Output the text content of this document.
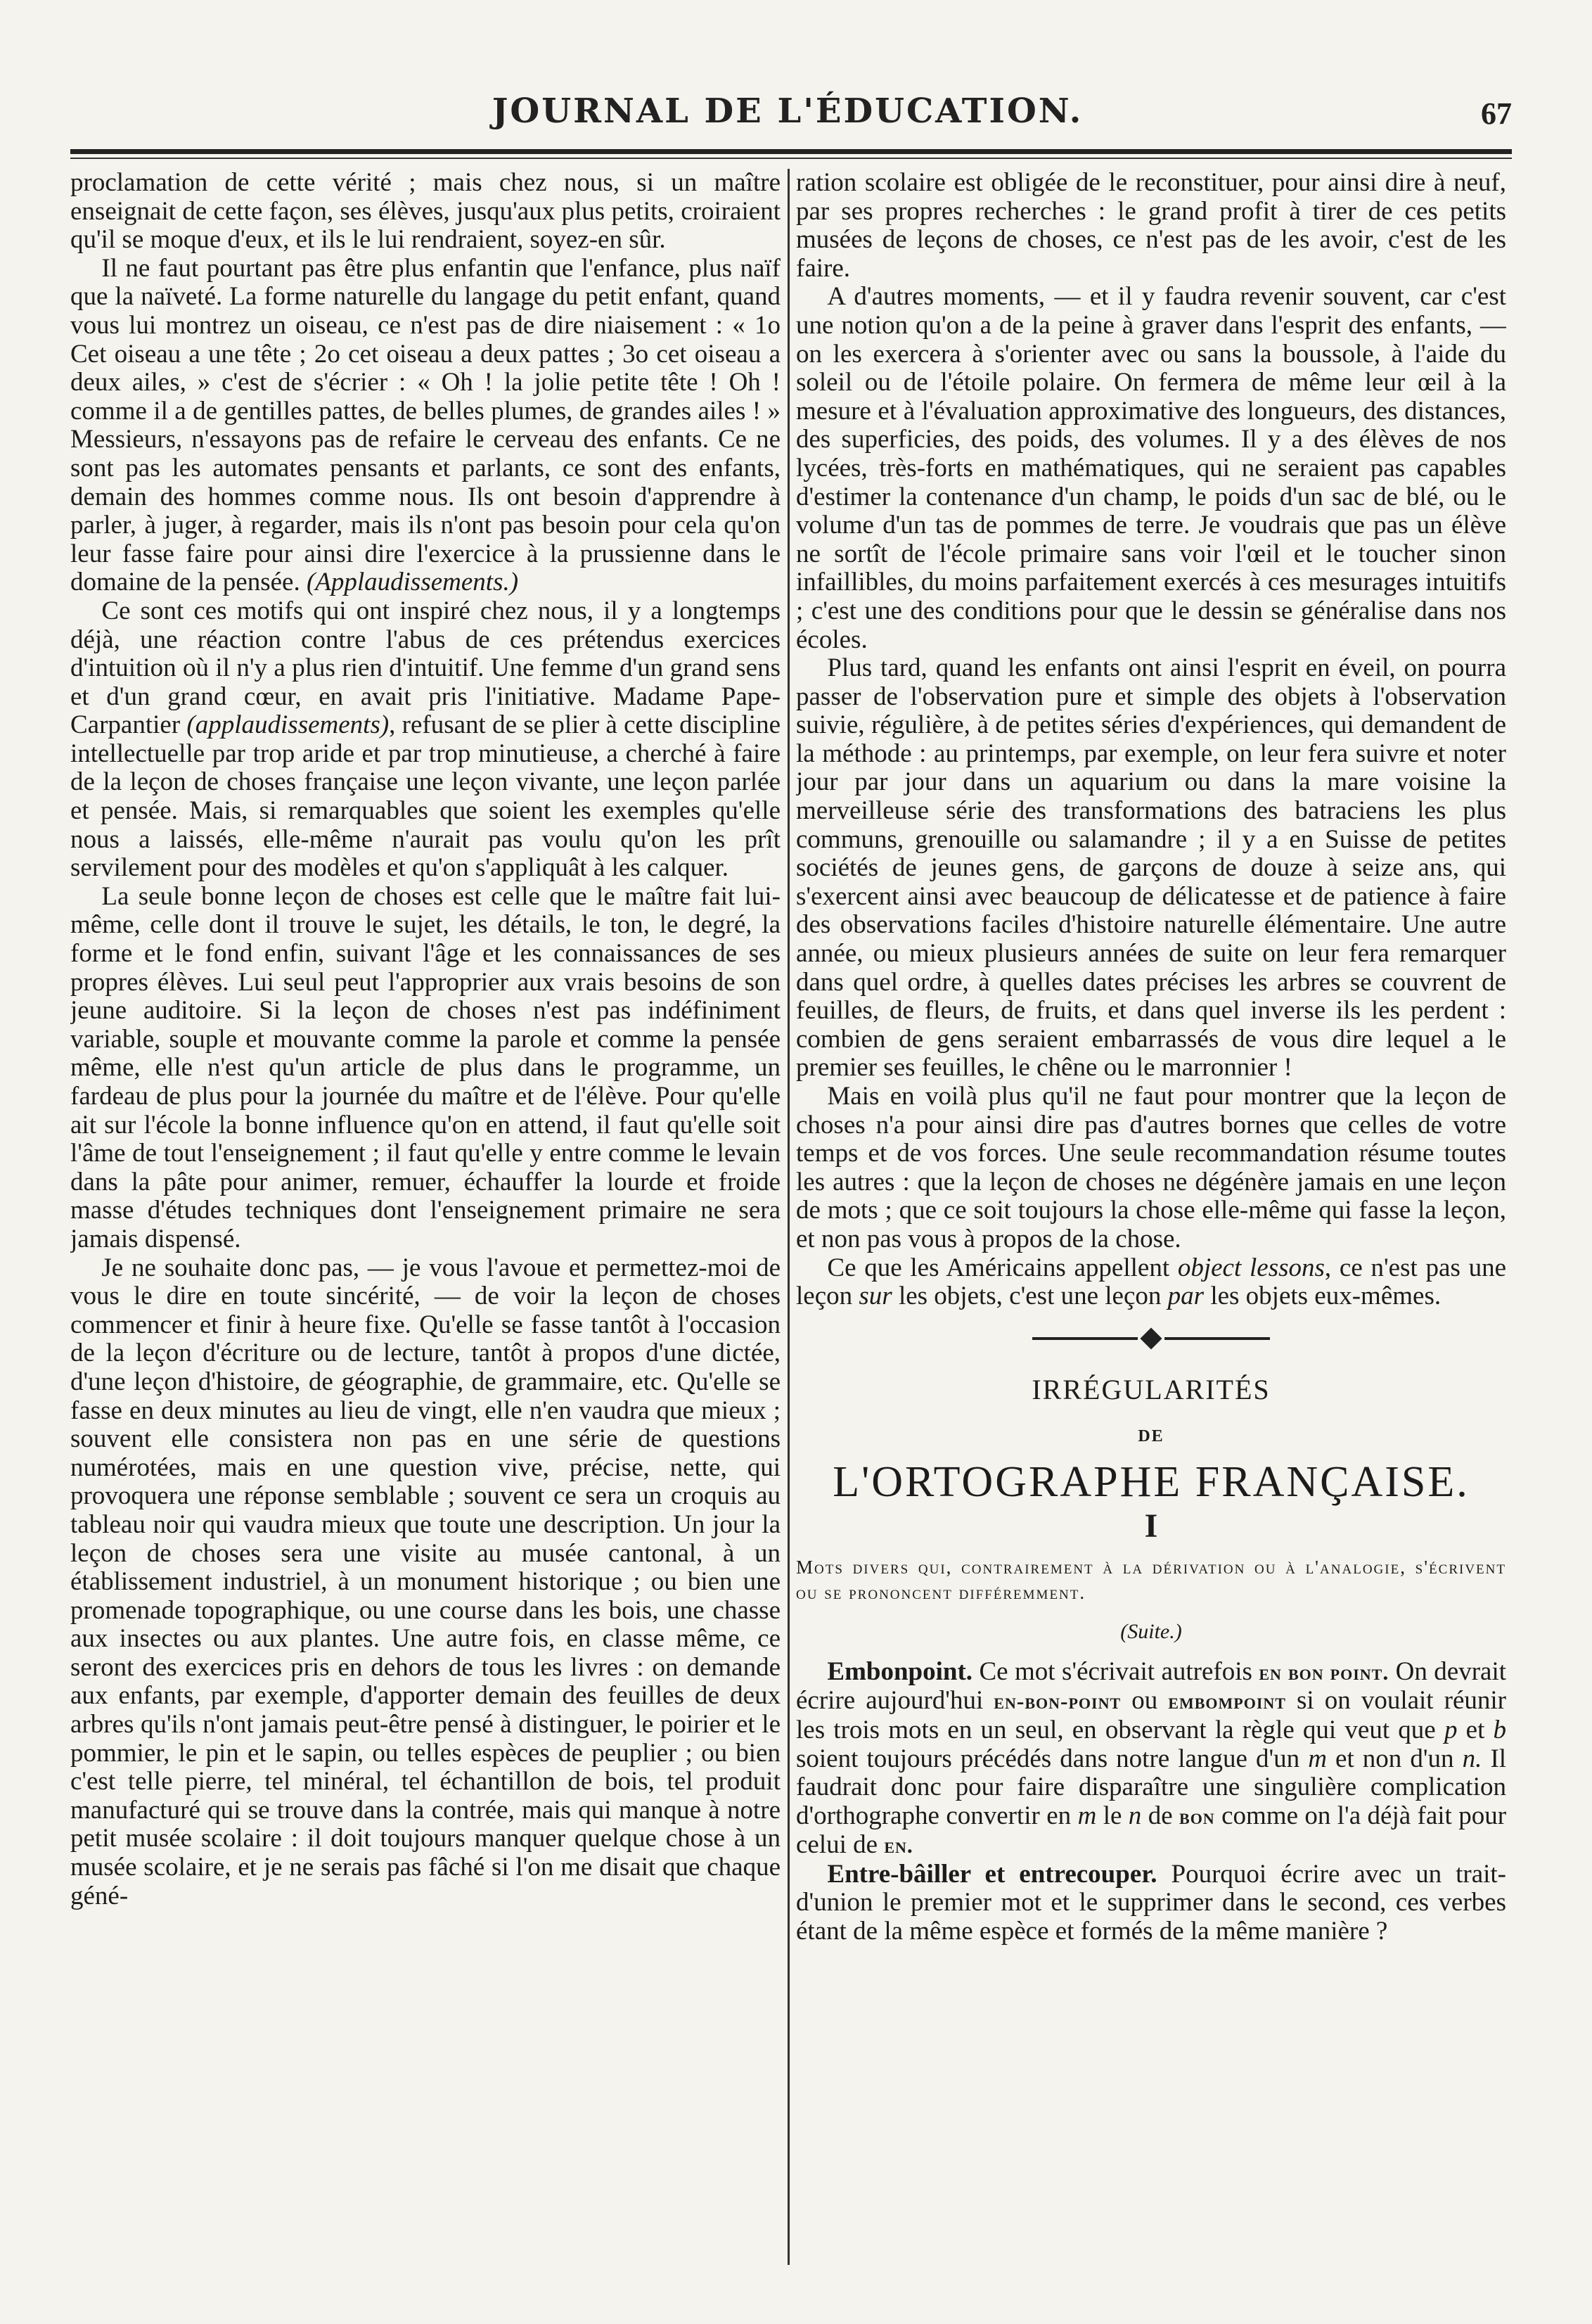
JOURNAL DE L'ÉDUCATION.	67

proclamation de cette vérité ; mais chez nous, si un maître enseignait de cette façon, ses élèves, jusqu'aux plus petits, croiraient qu'il se moque d'eux, et ils le lui rendraient, soyez-en sûr.

Il ne faut pourtant pas être plus enfantin que l'enfance, plus naïf que la naïveté. La forme naturelle du langage du petit enfant, quand vous lui montrez un oiseau, ce n'est pas de dire niaisement : « 1o Cet oiseau a une tête ; 2o cet oiseau a deux pattes ; 3o cet oiseau a deux ailes, » c'est de s'écrier : « Oh ! la jolie petite tête ! Oh ! comme il a de gentilles pattes, de belles plumes, de grandes ailes ! » Messieurs, n'essayons pas de refaire le cerveau des enfants. Ce ne sont pas les automates pensants et parlants, ce sont des enfants, demain des hommes comme nous. Ils ont besoin d'apprendre à parler, à juger, à regarder, mais ils n'ont pas besoin pour cela qu'on leur fasse faire pour ainsi dire l'exercice à la prussienne dans le domaine de la pensée. (Applaudissements.)

Ce sont ces motifs qui ont inspiré chez nous, il y a longtemps déjà, une réaction contre l'abus de ces prétendus exercices d'intuition où il n'y a plus rien d'intuitif. Une femme d'un grand sens et d'un grand cœur, en avait pris l'initiative. Madame Pape-Carpantier (applaudissements), refusant de se plier à cette discipline intellectuelle par trop aride et par trop minutieuse, a cherché à faire de la leçon de choses française une leçon vivante, une leçon parlée et pensée. Mais, si remarquables que soient les exemples qu'elle nous a laissés, elle-même n'aurait pas voulu qu'on les prît servilement pour des modèles et qu'on s'appliquât à les calquer.

La seule bonne leçon de choses est celle que le maître fait lui-même, celle dont il trouve le sujet, les détails, le ton, le degré, la forme et le fond enfin, suivant l'âge et les connaissances de ses propres élèves. Lui seul peut l'approprier aux vrais besoins de son jeune auditoire. Si la leçon de choses n'est pas indéfiniment variable, souple et mouvante comme la parole et comme la pensée même, elle n'est qu'un article de plus dans le programme, un fardeau de plus pour la journée du maître et de l'élève. Pour qu'elle ait sur l'école la bonne influence qu'on en attend, il faut qu'elle soit l'âme de tout l'enseignement ; il faut qu'elle y entre comme le levain dans la pâte pour animer, remuer, échauffer la lourde et froide masse d'études techniques dont l'enseignement primaire ne sera jamais dispensé.

Je ne souhaite donc pas, — je vous l'avoue et permettez-moi de vous le dire en toute sincérité, — de voir la leçon de choses commencer et finir à heure fixe. Qu'elle se fasse tantôt à l'occasion de la leçon d'écriture ou de lecture, tantôt à propos d'une dictée, d'une leçon d'histoire, de géographie, de grammaire, etc. Qu'elle se fasse en deux minutes au lieu de vingt, elle n'en vaudra que mieux ; souvent elle consistera non pas en une série de questions numérotées, mais en une question vive, précise, nette, qui provoquera une réponse semblable ; souvent ce sera un croquis au tableau noir qui vaudra mieux que toute une description. Un jour la leçon de choses sera une visite au musée cantonal, à un établissement industriel, à un monument historique ; ou bien une promenade topographique, ou une course dans les bois, une chasse aux insectes ou aux plantes. Une autre fois, en classe même, ce seront des exercices pris en dehors de tous les livres : on demande aux enfants, par exemple, d'apporter demain des feuilles de deux arbres qu'ils n'ont jamais peut-être pensé à distinguer, le poirier et le pommier, le pin et le sapin, ou telles espèces de peuplier ; ou bien c'est telle pierre, tel minéral, tel échantillon de bois, tel produit manufacturé qui se trouve dans la contrée, mais qui manque à notre petit musée scolaire : il doit toujours manquer quelque chose à un musée scolaire, et je ne serais pas fâché si l'on me disait que chaque géné-

ration scolaire est obligée de le reconstituer, pour ainsi dire à neuf, par ses propres recherches : le grand profit à tirer de ces petits musées de leçons de choses, ce n'est pas de les avoir, c'est de les faire.

A d'autres moments, — et il y faudra revenir souvent, car c'est une notion qu'on a de la peine à graver dans l'esprit des enfants, — on les exercera à s'orienter avec ou sans la boussole, à l'aide du soleil ou de l'étoile polaire. On fermera de même leur œil à la mesure et à l'évaluation approximative des longueurs, des distances, des superficies, des poids, des volumes. Il y a des élèves de nos lycées, très-forts en mathématiques, qui ne seraient pas capables d'estimer la contenance d'un champ, le poids d'un sac de blé, ou le volume d'un tas de pommes de terre. Je voudrais que pas un élève ne sortît de l'école primaire sans voir l'œil et le toucher sinon infaillibles, du moins parfaitement exercés à ces mesurages intuitifs ; c'est une des conditions pour que le dessin se généralise dans nos écoles.

Plus tard, quand les enfants ont ainsi l'esprit en éveil, on pourra passer de l'observation pure et simple des objets à l'observation suivie, régulière, à de petites séries d'expériences, qui demandent de la méthode : au printemps, par exemple, on leur fera suivre et noter jour par jour dans un aquarium ou dans la mare voisine la merveilleuse série des transformations des batraciens les plus communs, grenouille ou salamandre ; il y a en Suisse de petites sociétés de jeunes gens, de garçons de douze à seize ans, qui s'exercent ainsi avec beaucoup de délicatesse et de patience à faire des observations faciles d'histoire naturelle élémentaire. Une autre année, ou mieux plusieurs années de suite on leur fera remarquer dans quel ordre, à quelles dates précises les arbres se couvrent de feuilles, de fleurs, de fruits, et dans quel inverse ils les perdent : combien de gens seraient embarrassés de vous dire lequel a le premier ses feuilles, le chêne ou le marronnier !

Mais en voilà plus qu'il ne faut pour montrer que la leçon de choses n'a pour ainsi dire pas d'autres bornes que celles de votre temps et de vos forces. Une seule recommandation résume toutes les autres : que la leçon de choses ne dégénère jamais en une leçon de mots ; que ce soit toujours la chose elle-même qui fasse la leçon, et non pas vous à propos de la chose.

Ce que les Américains appellent object lessons, ce n'est pas une leçon sur les objets, c'est une leçon par les objets eux-mêmes.

IRRÉGULARITÉS
DE
L'ORTOGRAPHE FRANÇAISE.
I
Mots divers qui, contrairement à la dérivation ou à l'analogie, s'écrivent ou se prononcent différemment.
(Suite.)

Embonpoint. Ce mot s'écrivait autrefois en bon point. On devrait écrire aujourd'hui en-bon-point ou embompoint si on voulait réunir les trois mots en un seul, en observant la règle qui veut que p et b soient toujours précédés dans notre langue d'un m et non d'un n. Il faudrait donc pour faire disparaître une singulière complication d'orthographe convertir en m le n de bon comme on l'a déjà fait pour celui de en.

Entre-bâiller et entrecouper. Pourquoi écrire avec un trait-d'union le premier mot et le supprimer dans le second, ces verbes étant de la même espèce et formés de la même manière ?
